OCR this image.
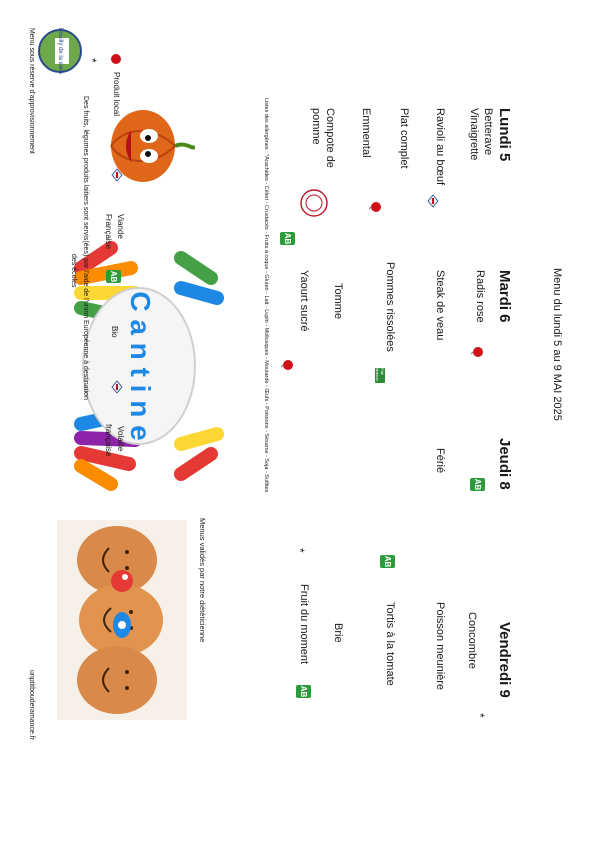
Bouilly de la sans
Menu du lundi 5 au 9 MAI 2025
Lundi 5
Betterave
Vinaigrette
Ravioli au bœuf
Plat complet
Emmental
Compote de
pomme
Mardi 6
Radis rose
Steak de veau
Pommes rissolées
Tomme
Yaourt sucré
Jeudi 8
Férié
Vendredi 9
Concombre
Poisson meunière
Tortis à la tomate
Brie
Fruit du moment
AB
AB
AB
AB
Fait Maison
*
*
*
C a n t i n e
Produit local
Viande
Française
AB
Bio
Volaille
française	Listes des allergènes : *Arachides - Céleri - Crustacés - Fruits à coque - Gluten - Lait - Lupin - Mollusques - Moutarde - Œufs - Poissons - Sésame - Soja - Sulfites
Des fruits, légumes produits laitiers sont servis(ées) par l'aide de l'union Européenne à destination
des écoles
Menu sous réserve d'approvisionnement
Menus validés par notre diététicienne
unptitbouderamance.fr
